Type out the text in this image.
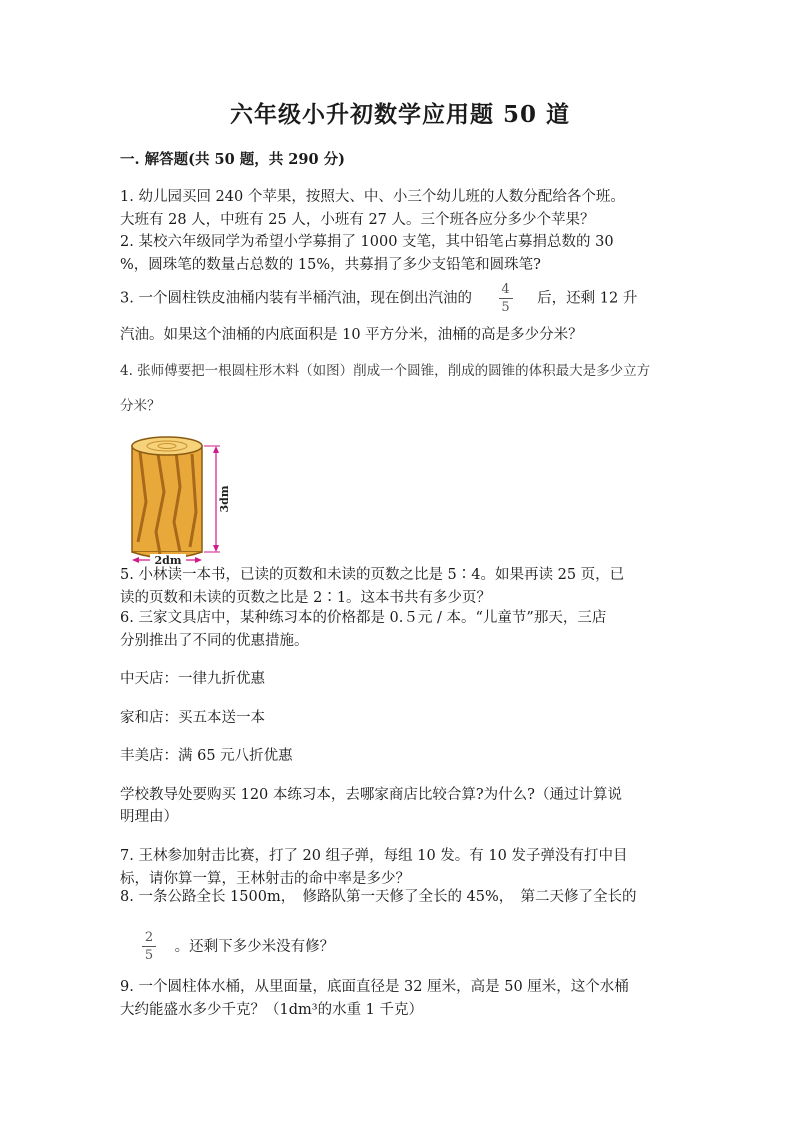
六年级小升初数学应用题 50 道
一. 解答题(共 50 题，共 290 分)
1. 幼儿园买回 240 个苹果，按照大、中、小三个幼儿班的人数分配给各个班。
大班有 28 人，中班有 25 人，小班有 27 人。三个班各应分多少个苹果？
2. 某校六年级同学为希望小学募捐了 1000 支笔，其中铅笔占募捐总数的 30
%，圆珠笔的数量占总数的 15%，共募捐了多少支铅笔和圆珠笔?
3. 一个圆柱铁皮油桶内装有半桶汽油，现在倒出汽油的 $\frac{4}{5}$ 后，还剩 12 升
汽油。如果这个油桶的内底面积是 10 平方分米，油桶的高是多少分米？
4. 张师傅要把一根圆柱形木料（如图）削成一个圆锥，削成的圆锥的体积最大是多少立方
分米？
3dm
2dm
5. 小林读一本书，已读的页数和未读的页数之比是 5∶4。如果再读 25 页，已
读的页数和未读的页数之比是 2∶1。这本书共有多少页？
6. 三家文具店中，某种练习本的价格都是 0.５元 / 本。“儿童节”那天，三店
分别推出了不同的优惠措施。
中天店：一律九折优惠
家和店：买五本送一本
丰美店：满 65 元八折优惠
学校教导处要购买 120 本练习本，去哪家商店比较合算?为什么?（通过计算说
明理由）
7. 王林参加射击比赛，打了 20 组子弹，每组 10 发。有 10 发子弹没有打中目
标，请你算一算，王林射击的命中率是多少？
8. 一条公路全长 1500m，　修路队第一天修了全长的 45%，　第二天修了全长的
$\frac{2}{5}$ 。还剩下多少米没有修？
9. 一个圆柱体水桶，从里面量，底面直径是 32 厘米，高是 50 厘米，这个水桶
大约能盛水多少千克？（1dm³的水重 1 千克）
